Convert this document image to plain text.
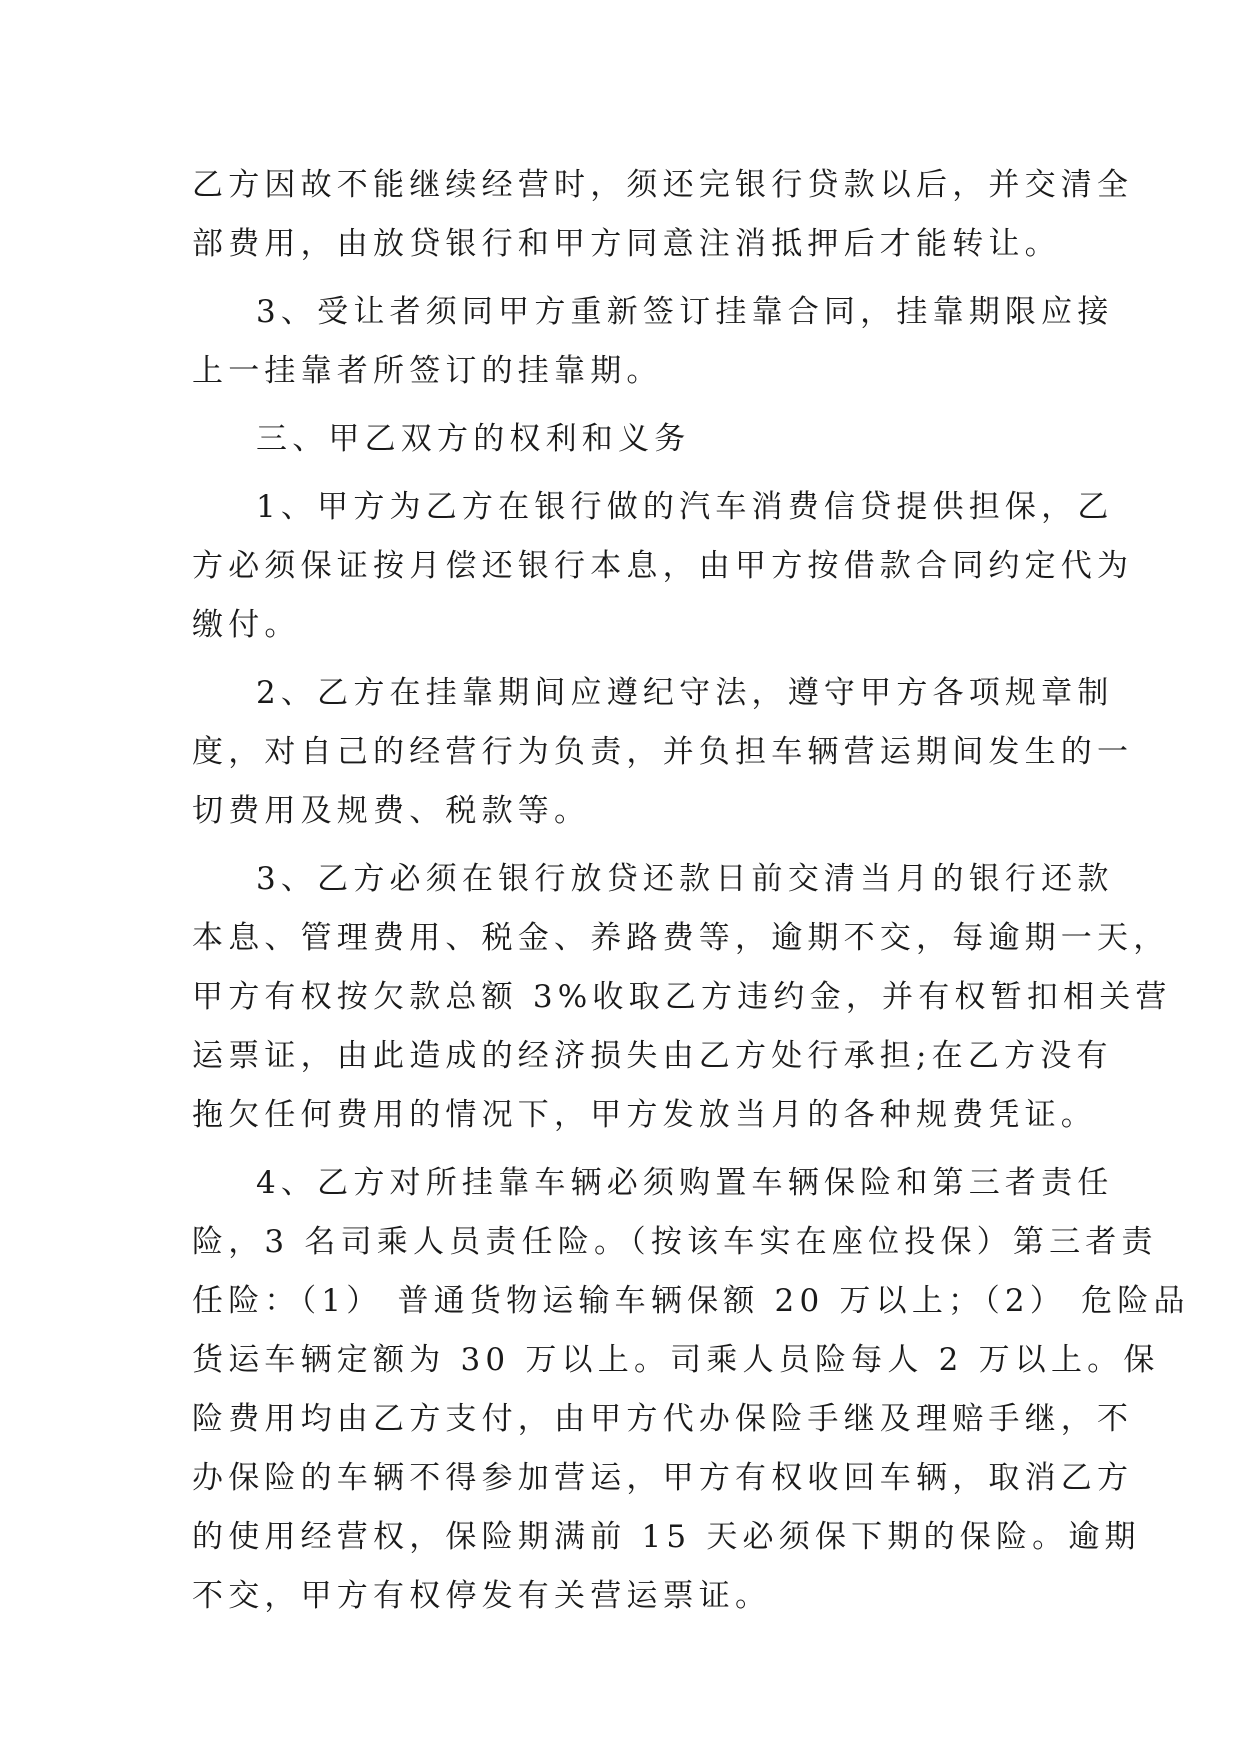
乙方因故不能继续经营时，须还完银行贷款以后，并交清全
部费用，由放贷银行和甲方同意注消抵押后才能转让。
3、受让者须同甲方重新签订挂靠合同，挂靠期限应接
上一挂靠者所签订的挂靠期。
三、甲乙双方的权利和义务
1、甲方为乙方在银行做的汽车消费信贷提供担保，乙
方必须保证按月偿还银行本息，由甲方按借款合同约定代为
缴付。
2、乙方在挂靠期间应遵纪守法，遵守甲方各项规章制
度，对自己的经营行为负责，并负担车辆营运期间发生的一
切费用及规费、税款等。
3、乙方必须在银行放贷还款日前交清当月的银行还款
本息、管理费用、税金、养路费等，逾期不交，每逾期一天，
甲方有权按欠款总额 3%收取乙方违约金，并有权暂扣相关营
运票证，由此造成的经济损失由乙方处行承担;在乙方没有
拖欠任何费用的情况下，甲方发放当月的各种规费凭证。
4、乙方对所挂靠车辆必须购置车辆保险和第三者责任
险，3 名司乘人员责任险。（按该车实在座位投保）第三者责
任险：（1） 普通货物运输车辆保额 20 万以上；（2） 危险品
货运车辆定额为 30 万以上。司乘人员险每人 2 万以上。保
险费用均由乙方支付，由甲方代办保险手继及理赔手继，不
办保险的车辆不得参加营运，甲方有权收回车辆，取消乙方
的使用经营权，保险期满前 15 天必须保下期的保险。逾期
不交，甲方有权停发有关营运票证。
